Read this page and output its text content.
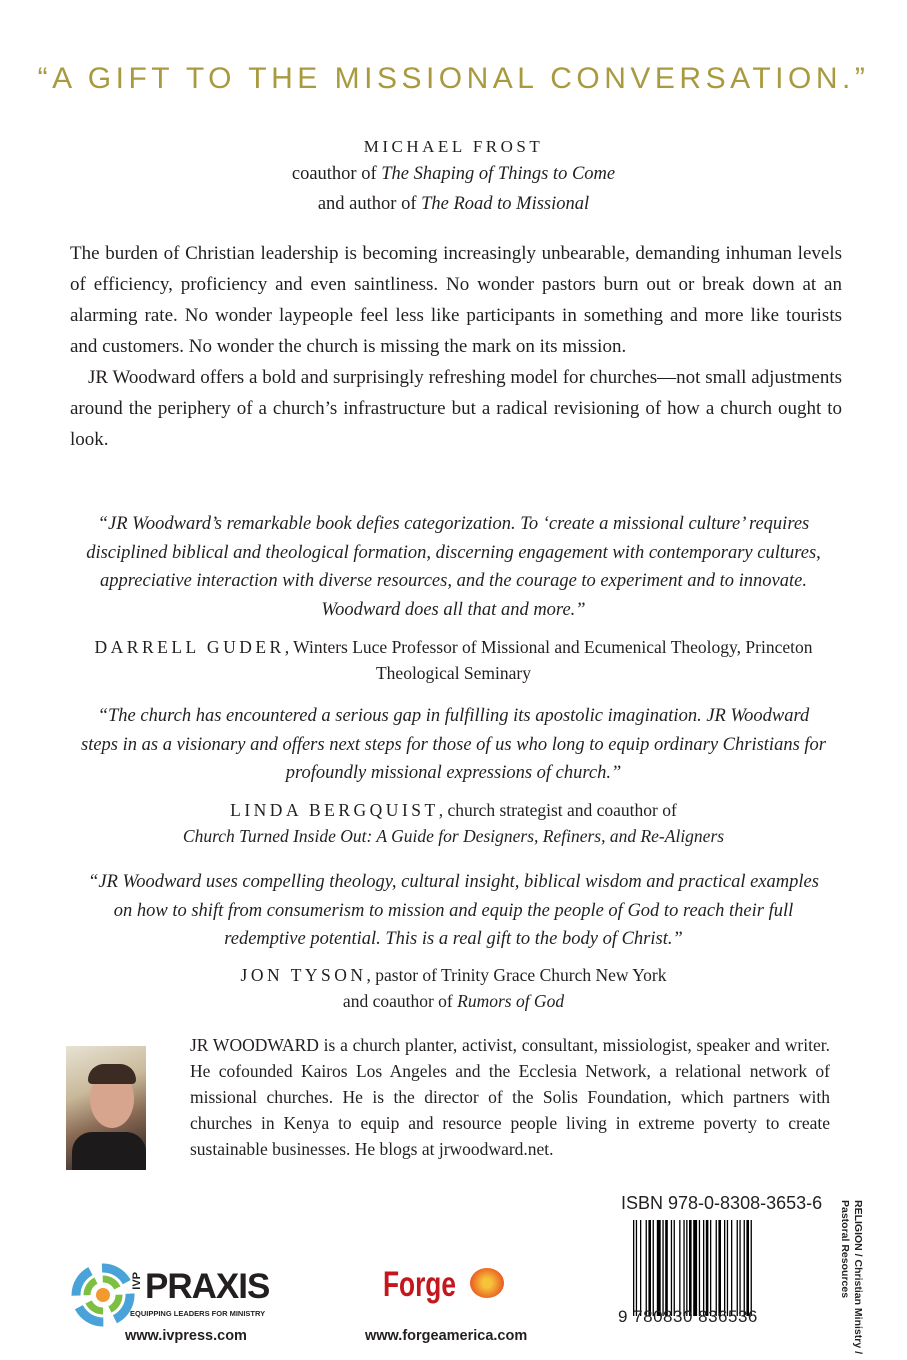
“A GIFT TO THE MISSIONAL CONVERSATION.”
MICHAEL FROST
coauthor of The Shaping of Things to Come
and author of The Road to Missional

The burden of Christian leadership is becoming increasingly unbearable, demanding inhuman levels of efficiency, proficiency and even saintliness. No wonder pastors burn out or break down at an alarming rate. No wonder laypeople feel less like participants in something and more like tourists and customers. No wonder the church is missing the mark on its mission.

JR Woodward offers a bold and surprisingly refreshing model for churches—not small adjustments around the periphery of a church’s infrastructure but a radical revisioning of how a church ought to look.

“JR Woodward’s remarkable book defies categorization. To ‘create a missional culture’ requires disciplined biblical and theological formation, discerning engagement with contemporary cultures, appreciative interaction with diverse resources, and the courage to experiment and to innovate. Woodward does all that and more.”
DARRELL GUDER, Winters Luce Professor of Missional and Ecumenical Theology, Princeton Theological Seminary
“The church has encountered a serious gap in fulfilling its apostolic imagination. JR Woodward steps in as a visionary and offers next steps for those of us who long to equip ordinary Christians for profoundly missional expressions of church.”
LINDA BERGQUIST, church strategist and coauthor of
Church Turned Inside Out: A Guide for Designers, Refiners, and Re-Aligners
“JR Woodward uses compelling theology, cultural insight, biblical wisdom and practical examples on how to shift from consumerism to mission and equip the people of God to reach their full redemptive potential. This is a real gift to the body of Christ.”
JON TYSON, pastor of Trinity Grace Church New York
and coauthor of Rumors of God
JR WOODWARD is a church planter, activist, consultant, missiologist, speaker and writer. He cofounded Kairos Los Angeles and the Ecclesia Network, a relational network of missional churches. He is the director of the Solis Foundation, which partners with churches in Kenya to equip and resource people living in extreme poverty to create sustainable businesses. He blogs at jrwoodward.net.
ISBN 978-0-8308-3653-6
9 780830 836536	RELIGION / Christian Ministry /
Pastoral Resources
IVP PRAXIS
EQUIPPING LEADERS FOR MINISTRY
www.ivpress.com
Forge
www.forgeamerica.com
